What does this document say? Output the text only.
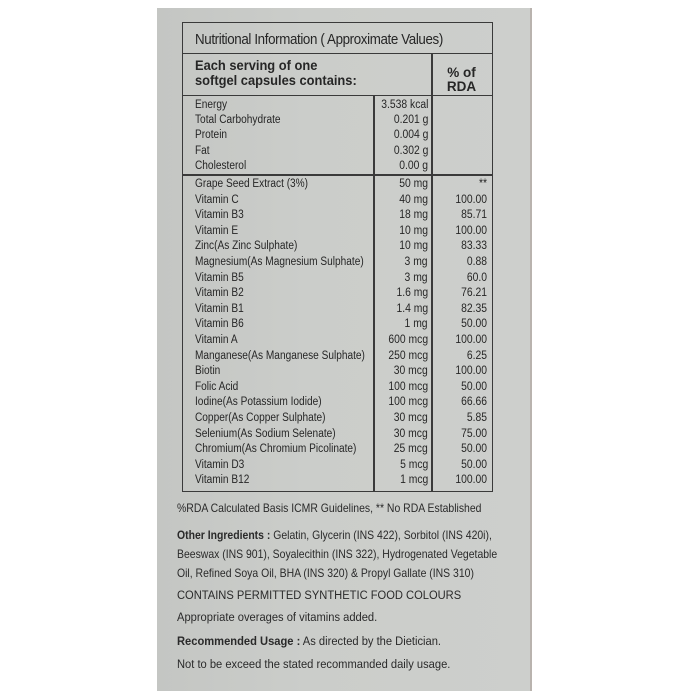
Nutritional Information ( Approximate Values)
Each serving of one
softgel capsules contains:	% of
RDA
Energy	3.538 kcal
Total Carbohydrate	0.201 g
Protein	0.004 g
Fat	0.302 g
Cholesterol	0.00 g
Grape Seed Extract (3%)	50 mg	**
Vitamin C	40 mg	100.00
Vitamin B3	18 mg	85.71
Vitamin E	10 mg	100.00
Zinc(As Zinc Sulphate)	10 mg	83.33
Magnesium(As Magnesium Sulphate)	3 mg	0.88
Vitamin B5	3 mg	60.0
Vitamin B2	1.6 mg	76.21
Vitamin B1	1.4 mg	82.35
Vitamin B6	1 mg	50.00
Vitamin A	600 mcg	100.00
Manganese(As Manganese Sulphate) 250 mcg	6.25
Biotin	30 mcg	100.00
Folic Acid	100 mcg	50.00
Iodine(As Potassium Iodide)	100 mcg	66.66
Copper(As Copper Sulphate)	30 mcg	5.85
Selenium(As Sodium Selenate)	30 mcg	75.00
Chromium(As Chromium Picolinate)	25 mcg	50.00
Vitamin D3	5 mcg	50.00
Vitamin B12	1 mcg	100.00

%RDA Calculated Basis ICMR Guidelines, ** No RDA Established

Other Ingredients : Gelatin, Glycerin (INS 422), Sorbitol (INS 420i),

Beeswax (INS 901), Soyalecithin (INS 322), Hydrogenated Vegetable

Oil, Refined Soya Oil, BHA (INS 320) & Propyl Gallate (INS 310)

CONTAINS PERMITTED SYNTHETIC FOOD COLOURS

Appropriate overages of vitamins added.

Recommended Usage : As directed by the Dietician.

Not to be exceed the stated recommanded daily usage.
